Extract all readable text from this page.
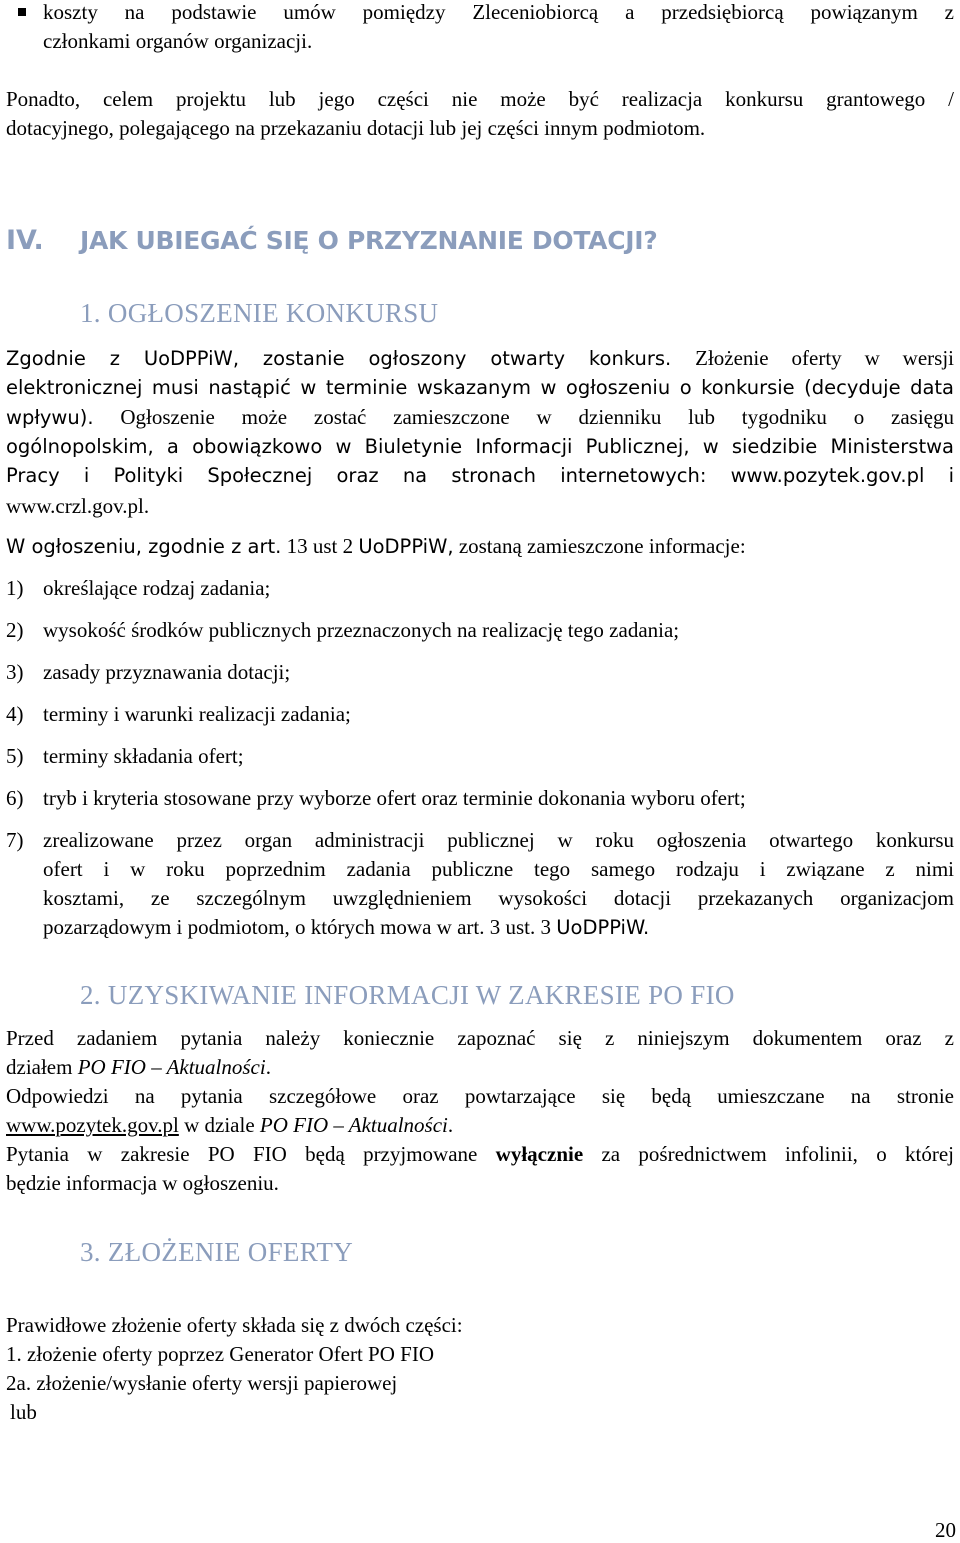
koszty na podstawie umów pomiędzy Zleceniobiorcą a przedsiębiorcą powiązanym z
członkami organów organizacji.
Ponadto, celem projektu lub jego części nie może być realizacja konkursu grantowego /
dotacyjnego, polegającego na przekazaniu dotacji lub jej części innym podmiotom.
IV. JAK UBIEGAĆ SIĘ O PRZYZNANIE DOTACJI?
1. OGŁOSZENIE KONKURSU
Zgodnie z UoDPPiW, zostanie ogłoszony otwarty konkurs. Złożenie oferty w wersji
elektronicznej musi nastąpić w terminie wskazanym w ogłoszeniu o konkursie (decyduje data
wpływu). Ogłoszenie może zostać zamieszczone w dzienniku lub tygodniku o zasięgu
ogólnopolskim, a obowiązkowo w Biuletynie Informacji Publicznej, w siedzibie Ministerstwa
Pracy i Polityki Społecznej oraz na stronach internetowych: www.pozytek.gov.pl i
www.crzl.gov.pl.
W ogłoszeniu, zgodnie z art. 13 ust 2 UoDPPiW, zostaną zamieszczone informacje:
1) określające rodzaj zadania;
2) wysokość środków publicznych przeznaczonych na realizację tego zadania;
3) zasady przyznawania dotacji;
4) terminy i warunki realizacji zadania;
5) terminy składania ofert;
6) tryb i kryteria stosowane przy wyborze ofert oraz terminie dokonania wyboru ofert;
7) zrealizowane przez organ administracji publicznej w roku ogłoszenia otwartego konkursu
ofert i w roku poprzednim zadania publiczne tego samego rodzaju i związane z nimi
kosztami, ze szczególnym uwzględnieniem wysokości dotacji przekazanych organizacjom
pozarządowym i podmiotom, o których mowa w art. 3 ust. 3 UoDPPiW.
2. UZYSKIWANIE INFORMACJI W ZAKRESIE PO FIO
Przed zadaniem pytania należy koniecznie zapoznać się z niniejszym dokumentem oraz z
działem PO FIO – Aktualności.
Odpowiedzi na pytania szczegółowe oraz powtarzające się będą umieszczane na stronie
www.pozytek.gov.pl w dziale PO FIO – Aktualności.
Pytania w zakresie PO FIO będą przyjmowane wyłącznie za pośrednictwem infolinii, o której
będzie informacja w ogłoszeniu.
3. ZŁOŻENIE OFERTY
Prawidłowe złożenie oferty składa się z dwóch części:
1. złożenie oferty poprzez Generator Ofert PO FIO
2a. złożenie/wysłanie oferty wersji papierowej
lub
20
